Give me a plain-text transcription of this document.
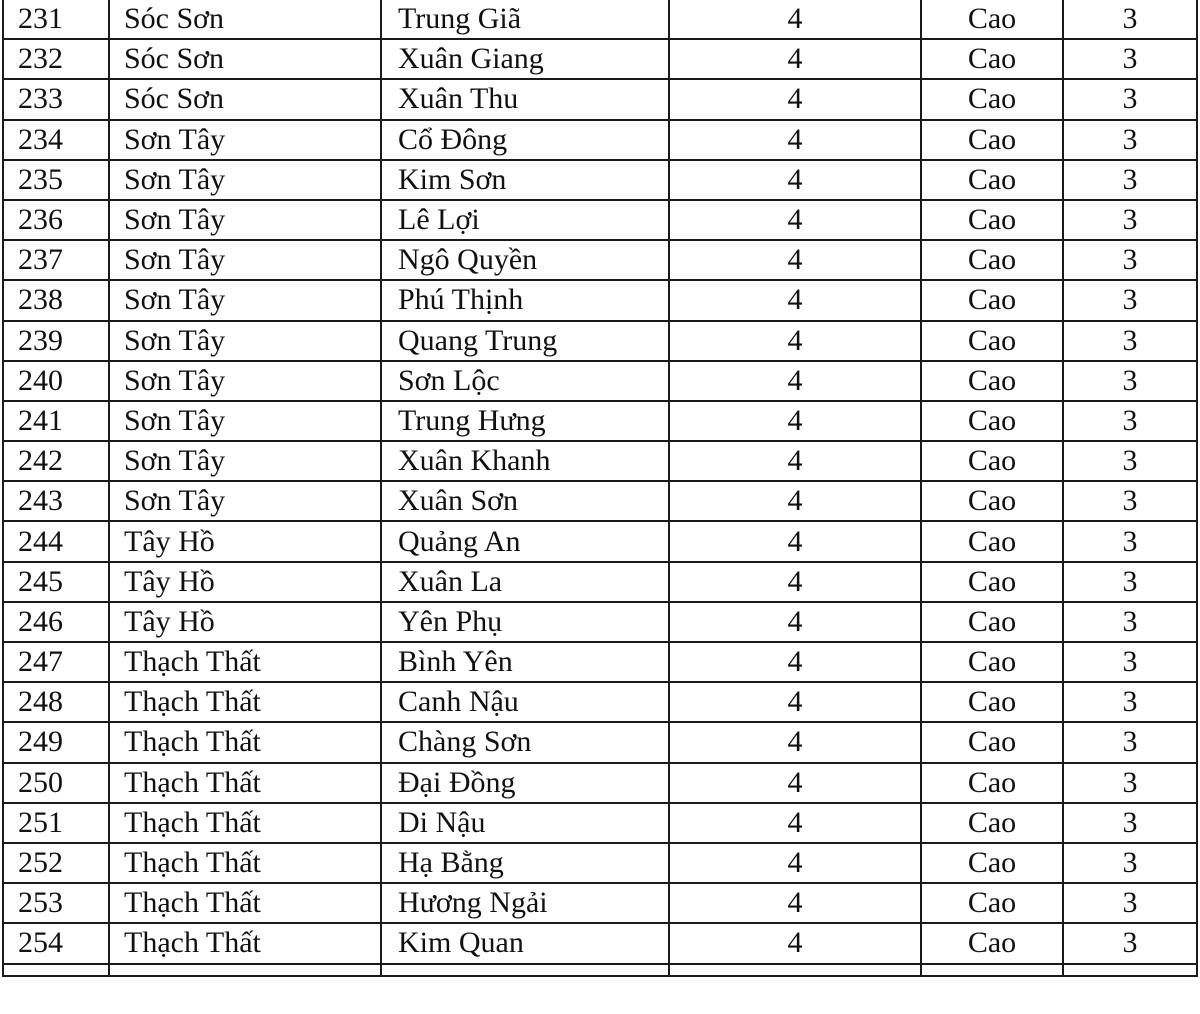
231	Sóc Sơn	Trung Giã	4	Cao	3
232	Sóc Sơn	Xuân Giang	4	Cao	3
233	Sóc Sơn	Xuân Thu	4	Cao	3
234	Sơn Tây	Cổ Đông	4	Cao	3
235	Sơn Tây	Kim Sơn	4	Cao	3
236	Sơn Tây	Lê Lợi	4	Cao	3
237	Sơn Tây	Ngô Quyền	4	Cao	3
238	Sơn Tây	Phú Thịnh	4	Cao	3
239	Sơn Tây	Quang Trung	4	Cao	3
240	Sơn Tây	Sơn Lộc	4	Cao	3
241	Sơn Tây	Trung Hưng	4	Cao	3
242	Sơn Tây	Xuân Khanh	4	Cao	3
243	Sơn Tây	Xuân Sơn	4	Cao	3
244	Tây Hồ	Quảng An	4	Cao	3
245	Tây Hồ	Xuân La	4	Cao	3
246	Tây Hồ	Yên Phụ	4	Cao	3
247	Thạch Thất	Bình Yên	4	Cao	3
248	Thạch Thất	Canh Nậu	4	Cao	3
249	Thạch Thất	Chàng Sơn	4	Cao	3
250	Thạch Thất	Đại Đồng	4	Cao	3
251	Thạch Thất	Di Nậu	4	Cao	3
252	Thạch Thất	Hạ Bằng	4	Cao	3
253	Thạch Thất	Hương Ngải	4	Cao	3
254	Thạch Thất	Kim Quan	4	Cao	3
